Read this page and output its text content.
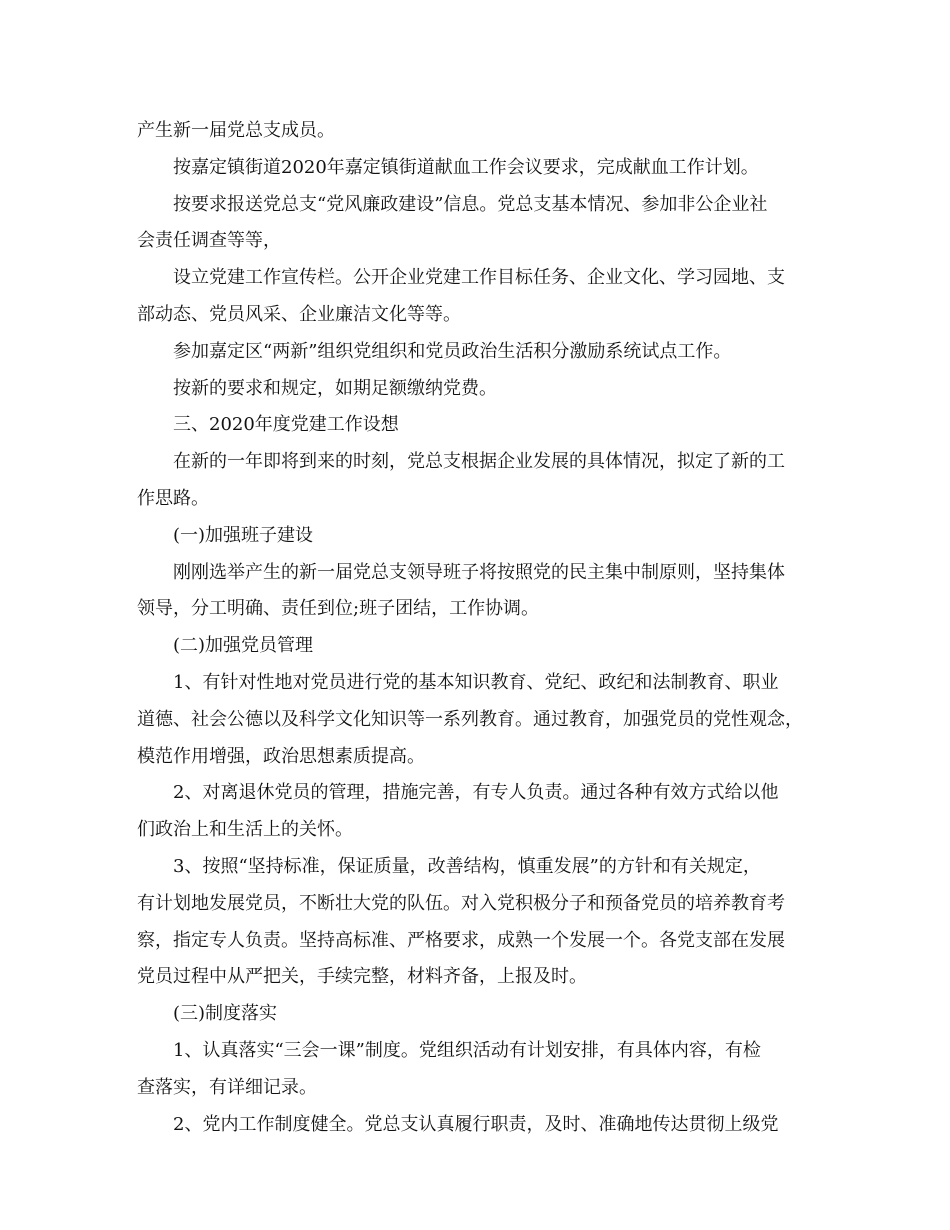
产生新一届党总支成员。
按嘉定镇街道2020年嘉定镇街道献血工作会议要求，完成献血工作计划。
按要求报送党总支“党风廉政建设”信息。党总支基本情况、参加非公企业社
会责任调查等等，
设立党建工作宣传栏。公开企业党建工作目标任务、企业文化、学习园地、支
部动态、党员风采、企业廉洁文化等等。
参加嘉定区“两新”组织党组织和党员政治生活积分激励系统试点工作。
按新的要求和规定，如期足额缴纳党费。
三、2020年度党建工作设想
在新的一年即将到来的时刻，党总支根据企业发展的具体情况，拟定了新的工
作思路。
(一)加强班子建设
刚刚选举产生的新一届党总支领导班子将按照党的民主集中制原则，坚持集体
领导，分工明确、责任到位;班子团结，工作协调。
(二)加强党员管理
1、有针对性地对党员进行党的基本知识教育、党纪、政纪和法制教育、职业
道德、社会公德以及科学文化知识等一系列教育。通过教育，加强党员的党性观念，
模范作用增强，政治思想素质提高。
2、对离退休党员的管理，措施完善，有专人负责。通过各种有效方式给以他
们政治上和生活上的关怀。
3、按照“坚持标准，保证质量，改善结构，慎重发展”的方针和有关规定，
有计划地发展党员，不断壮大党的队伍。对入党积极分子和预备党员的培养教育考
察，指定专人负责。坚持高标准、严格要求，成熟一个发展一个。各党支部在发展
党员过程中从严把关，手续完整，材料齐备，上报及时。
(三)制度落实
1、认真落实“三会一课”制度。党组织活动有计划安排，有具体内容，有检
查落实，有详细记录。
2、党内工作制度健全。党总支认真履行职责，及时、准确地传达贯彻上级党
